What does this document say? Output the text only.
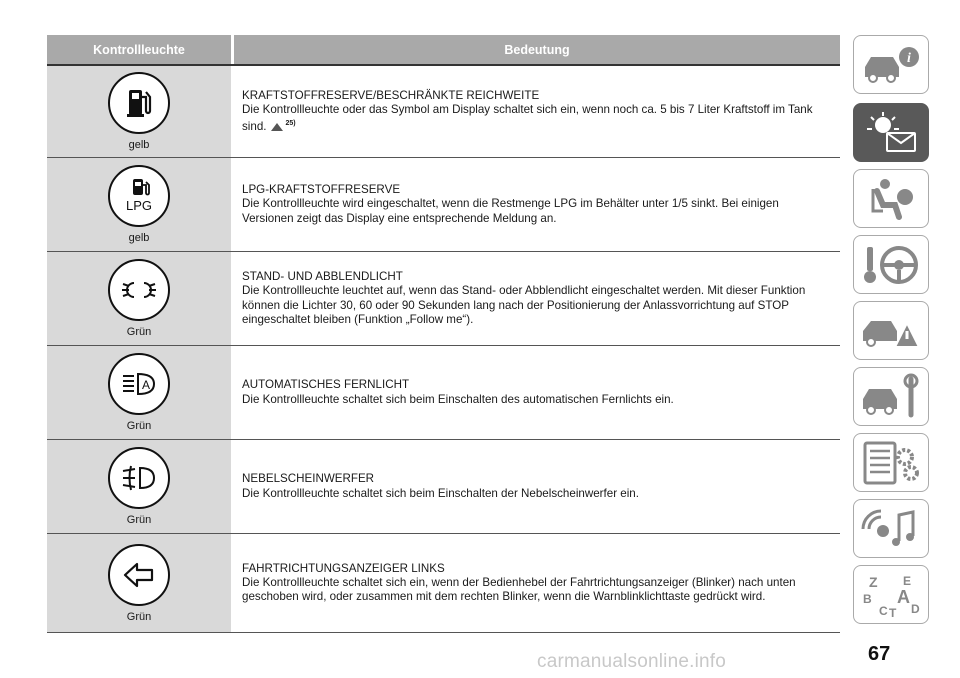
Kontrollleuchte	Bedeutung
gelb
KRAFTSTOFFRESERVE/BESCHRÄNKTE REICHWEITE
Die Kontrollleuchte oder das Symbol am Display schaltet sich ein, wenn noch ca. 5 bis 7 Liter Kraftstoff im Tank sind.	$^{25)}$
LPG
gelb
LPG-KRAFTSTOFFRESERVE
Die Kontrollleuchte wird eingeschaltet, wenn die Restmenge LPG im Behälter unter 1/5 sinkt. Bei einigen Versionen zeigt das Display eine entsprechende Meldung an.
Grün
STAND- UND ABBLENDLICHT
Die Kontrollleuchte leuchtet auf, wenn das Stand- oder Abblendlicht eingeschaltet werden. Mit dieser Funktion können die Lichter 30, 60 oder 90 Sekunden lang nach der Positionierung der Anlassvorrichtung auf STOP eingeschaltet bleiben (Funktion „Follow me“).
A
Grün
AUTOMATISCHES FERNLICHT
Die Kontrollleuchte schaltet sich beim Einschalten des automatischen Fernlichts ein.
Grün
NEBELSCHEINWERFER
Die Kontrollleuchte schaltet sich beim Einschalten der Nebelscheinwerfer ein.
Grün
FAHRTRICHTUNGSANZEIGER LINKS
Die Kontrollleuchte schaltet sich ein, wenn der Bedienhebel der Fahrtrichtungsanzeiger (Blinker) nach unten geschoben wird, oder zusammen mit dem rechten Blinker, wenn die Warnblinklichttaste gedrückt wird.
i
Z E
B A
C T D
67
carmanualsonline.info
